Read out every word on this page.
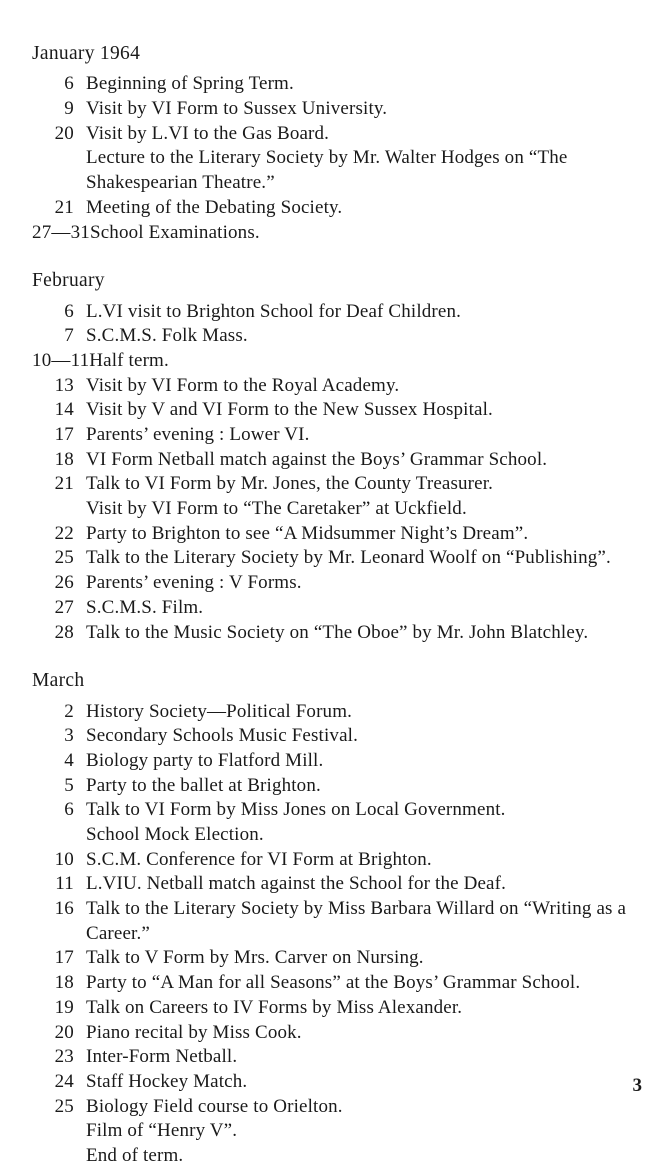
January 1964
6 Beginning of Spring Term.
9 Visit by VI Form to Sussex University.
20 Visit by L.VI to the Gas Board.
Lecture to the Literary Society by Mr. Walter Hodges on “The Shakespearian Theatre.”
21 Meeting of the Debating Society.
27—31 School Examinations.
February
6 L.VI visit to Brighton School for Deaf Children.
7 S.C.M.S. Folk Mass.
10—11 Half term.
13 Visit by VI Form to the Royal Academy.
14 Visit by V and VI Form to the New Sussex Hospital.
17 Parents’ evening : Lower VI.
18 VI Form Netball match against the Boys’ Grammar School.
21 Talk to VI Form by Mr. Jones, the County Treasurer.
Visit by VI Form to “The Caretaker” at Uckfield.
22 Party to Brighton to see “A Midsummer Night’s Dream”.
25 Talk to the Literary Society by Mr. Leonard Woolf on “Publishing”.
26 Parents’ evening : V Forms.
27 S.C.M.S. Film.
28 Talk to the Music Society on “The Oboe” by Mr. John Blatchley.
March
2 History Society—Political Forum.
3 Secondary Schools Music Festival.
4 Biology party to Flatford Mill.
5 Party to the ballet at Brighton.
6 Talk to VI Form by Miss Jones on Local Government.
School Mock Election.
10 S.C.M. Conference for VI Form at Brighton.
11 L.VIU. Netball match against the School for the Deaf.
16 Talk to the Literary Society by Miss Barbara Willard on “Writing as a Career.”
17 Talk to V Form by Mrs. Carver on Nursing.
18 Party to “A Man for all Seasons” at the Boys’ Grammar School.
19 Talk on Careers to IV Forms by Miss Alexander.
20 Piano recital by Miss Cook.
23 Inter-Form Netball.
24 Staff Hockey Match.
25 Biology Field course to Orielton.
Film of “Henry V”.
End of term.
3
